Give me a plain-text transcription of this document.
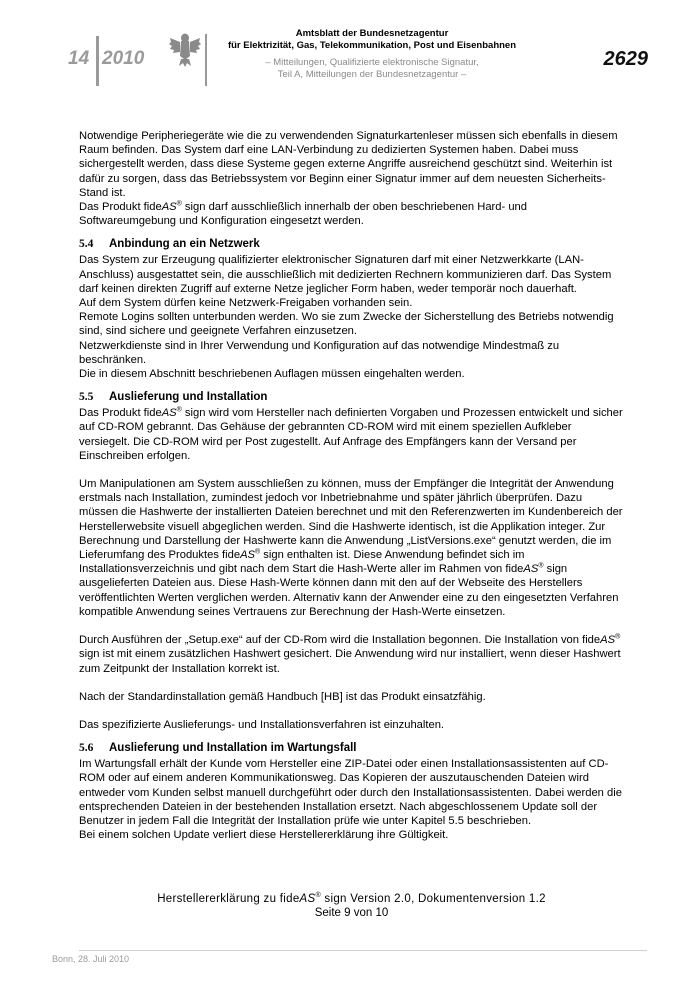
14 2010
Amtsblatt der Bundesnetzagentur
für Elektrizität, Gas, Telekommunikation, Post und Eisenbahnen
– Mitteilungen, Qualifizierte elektronische Signatur,
Teil A, Mitteilungen der Bundesnetzagentur –
2629

Notwendige Peripheriegeräte wie die zu verwendenden Signaturkartenleser müssen sich ebenfalls in diesem Raum befinden. Das System darf eine LAN-Verbindung zu dedizierten Systemen haben. Dabei muss sichergestellt werden, dass diese Systeme gegen externe Angriffe ausreichend geschützt sind. Weiterhin ist dafür zu sorgen, dass das Betriebssystem vor Beginn einer Signatur immer auf dem neuesten Sicherheits-Stand ist.

Das Produkt fideAS® sign darf ausschließlich innerhalb der oben beschriebenen Hard- und Softwareumgebung und Konfiguration eingesetzt werden.

5.4 Anbindung an ein Netzwerk

Das System zur Erzeugung qualifizierter elektronischer Signaturen darf mit einer Netzwerkkarte (LAN-Anschluss) ausgestattet sein, die ausschließlich mit dedizierten Rechnern kommunizieren darf. Das System darf keinen direkten Zugriff auf externe Netze jeglicher Form haben, weder temporär noch dauerhaft.

Auf dem System dürfen keine Netzwerk-Freigaben vorhanden sein.

Remote Logins sollten unterbunden werden. Wo sie zum Zwecke der Sicherstellung des Betriebs notwendig sind, sind sichere und geeignete Verfahren einzusetzen.

Netzwerkdienste sind in Ihrer Verwendung und Konfiguration auf das notwendige Mindestmaß zu beschränken.

Die in diesem Abschnitt beschriebenen Auflagen müssen eingehalten werden.

5.5 Auslieferung und Installation

Das Produkt fideAS® sign wird vom Hersteller nach definierten Vorgaben und Prozessen entwickelt und sicher auf CD-ROM gebrannt. Das Gehäuse der gebrannten CD-ROM wird mit einem speziellen Aufkleber versiegelt. Die CD-ROM wird per Post zugestellt. Auf Anfrage des Empfängers kann der Versand per Einschreiben erfolgen.

Um Manipulationen am System ausschließen zu können, muss der Empfänger die Integrität der Anwendung erstmals nach Installation, zumindest jedoch vor Inbetriebnahme und später jährlich überprüfen. Dazu müssen die Hashwerte der installierten Dateien berechnet und mit den Referenzwerten im Kundenbereich der Herstellerwebsite visuell abgeglichen werden. Sind die Hashwerte identisch, ist die Applikation integer. Zur Berechnung und Darstellung der Hashwerte kann die Anwendung „ListVersions.exe“ genutzt werden, die im Lieferumfang des Produktes fideAS® sign enthalten ist. Diese Anwendung befindet sich im Installationsverzeichnis und gibt nach dem Start die Hash-Werte aller im Rahmen von fideAS® sign ausgelieferten Dateien aus. Diese Hash-Werte können dann mit den auf der Webseite des Herstellers veröffentlichten Werten verglichen werden. Alternativ kann der Anwender eine zu den eingesetzten Verfahren kompatible Anwendung seines Vertrauens zur Berechnung der Hash-Werte einsetzen.

Durch Ausführen der „Setup.exe“ auf der CD-Rom wird die Installation begonnen. Die Installation von fideAS® sign ist mit einem zusätzlichen Hashwert gesichert. Die Anwendung wird nur installiert, wenn dieser Hashwert zum Zeitpunkt der Installation korrekt ist.

Nach der Standardinstallation gemäß Handbuch [HB] ist das Produkt einsatzfähig.

Das spezifizierte Auslieferungs- und Installationsverfahren ist einzuhalten.

5.6 Auslieferung und Installation im Wartungsfall

Im Wartungsfall erhält der Kunde vom Hersteller eine ZIP-Datei oder einen Installationsassistenten auf CD-ROM oder auf einem anderen Kommunikationsweg. Das Kopieren der auszutauschenden Dateien wird entweder vom Kunden selbst manuell durchgeführt oder durch den Installationsassistenten. Dabei werden die entsprechenden Dateien in der bestehenden Installation ersetzt. Nach abgeschlossenem Update soll der Benutzer in jedem Fall die Integrität der Installation prüfe wie unter Kapitel 5.5 beschrieben.

Bei einem solchen Update verliert diese Herstellererklärung ihre Gültigkeit.

Herstellererklärung zu fideAS® sign Version 2.0, Dokumentenversion 1.2
Seite 9 von 10
Bonn, 28. Juli 2010
